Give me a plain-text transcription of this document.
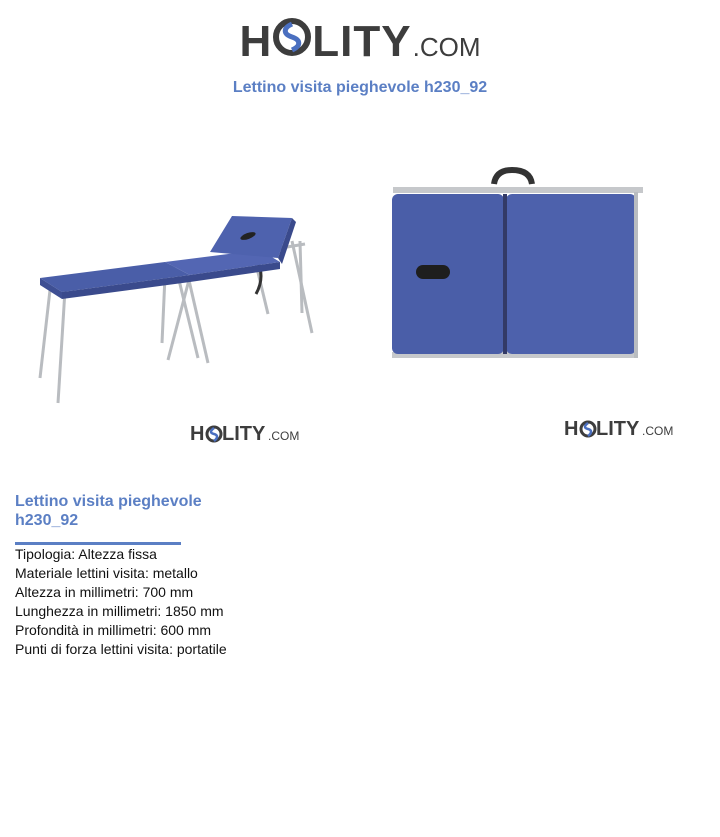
H LITY .COM
Lettino visita pieghevole h230_92
H LITY .COM	H LITY .COM
Lettino visita pieghevole
h230_92
Tipologia: Altezza fissa
Materiale lettini visita: metallo
Altezza in millimetri: 700 mm
Lunghezza in millimetri: 1850 mm
Profondità in millimetri: 600 mm
Punti di forza lettini visita: portatile
